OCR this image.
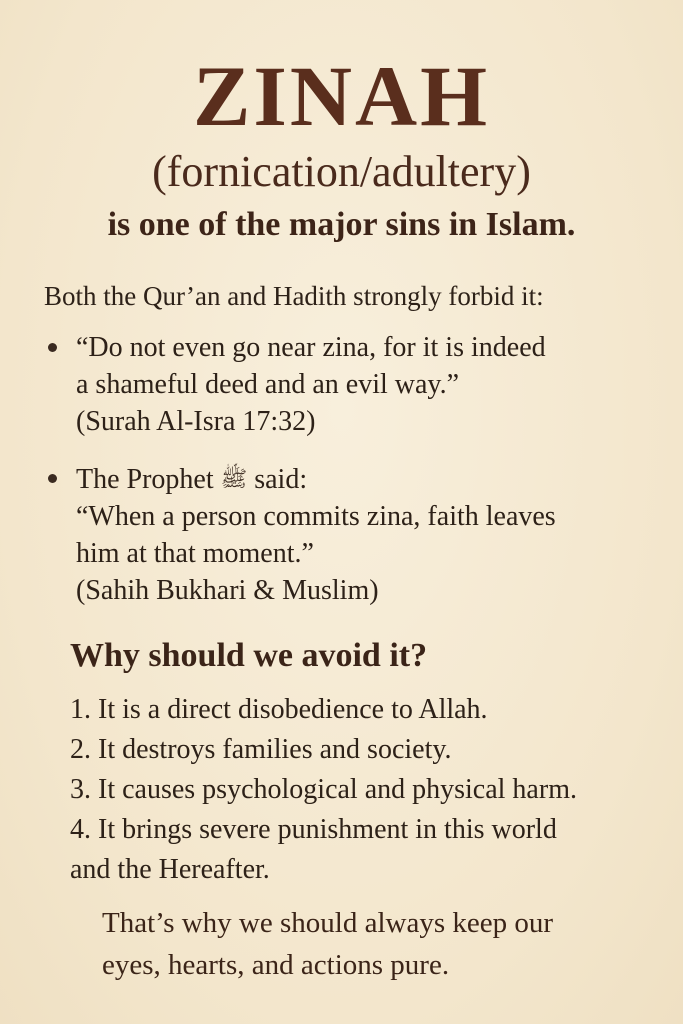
ZINAH
(fornication/adultery)
is one of the major sins in Islam.
Both the Qur’an and Hadith strongly forbid it:
“Do not even go near zina, for it is indeed
a shameful deed and an evil way.”
(Surah Al-Isra 17:32)
The Prophet ﷺ said:
“When a person commits zina, faith leaves
him at that moment.”
(Sahih Bukhari & Muslim)
Why should we avoid it?
1. It is a direct disobedience to Allah.
2. It destroys families and society.
3. It causes psychological and physical harm.
4. It brings severe punishment in this world
and the Hereafter.
That’s why we should always keep our
eyes, hearts, and actions pure.
